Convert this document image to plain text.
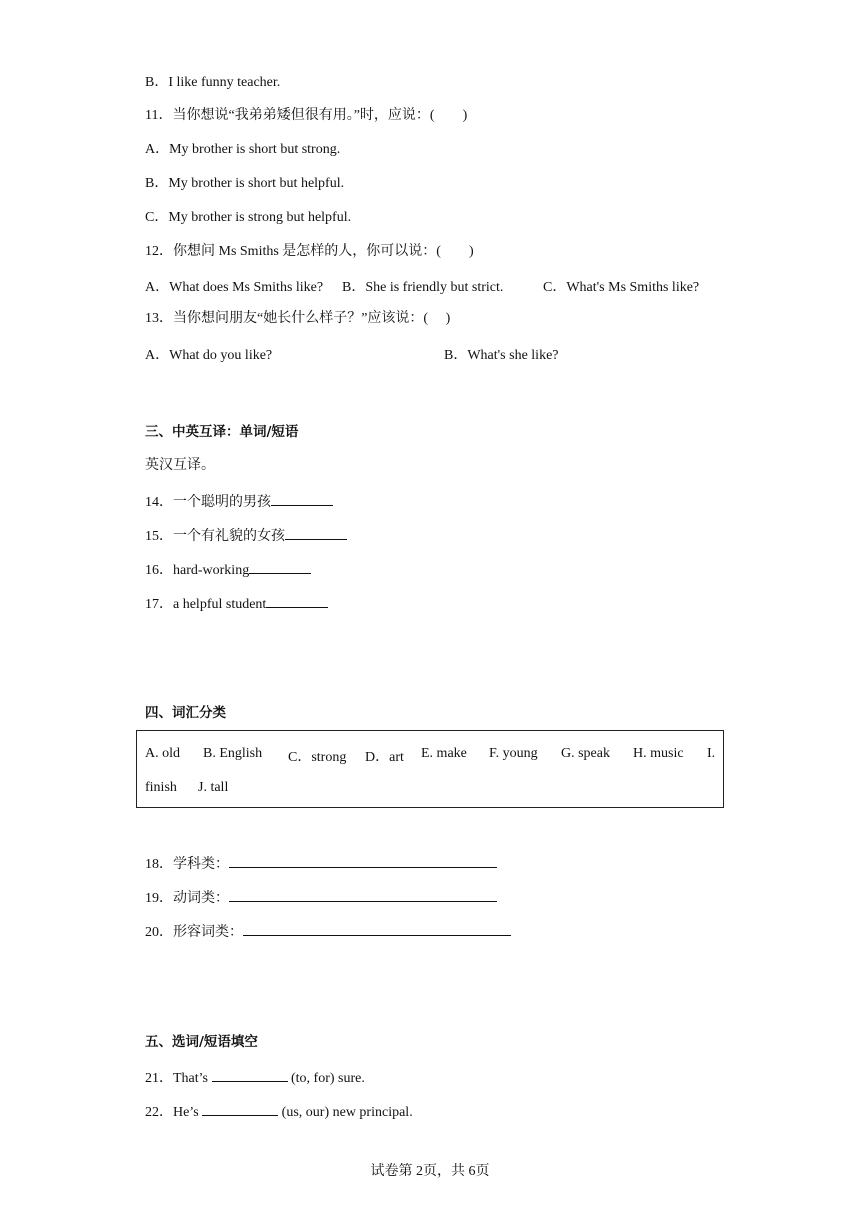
B．I like funny teacher.
11．当你想说“我弟弟矮但很有用。”时，应说：(　　)
A．My brother is short but strong.
B．My brother is short but helpful.
C．My brother is strong but helpful.
12．你想问 Ms Smiths 是怎样的人，你可以说：(　　)
A．What does Ms Smiths like? B．She is friendly but strict.	C．What's Ms Smiths like?
13．当你想问朋友“她长什么样子？”应该说：(　 )
A．What do you like?	B．What's she like?
三、中英互译：单词/短语
英汉互译。
14．一个聪明的男孩
15．一个有礼貌的女孩
16．hard-working
17．a helpful student
四、词汇分类
A. old B. English C．strong D．art E. make F. young G. speak H. music I.
finish J. tall
18．学科类：
19．动词类：
20．形容词类：
五、选词/短语填空
21．That’s	(to, for) sure.
22．He’s	(us, our) new principal.
试卷第 2页，共 6页
